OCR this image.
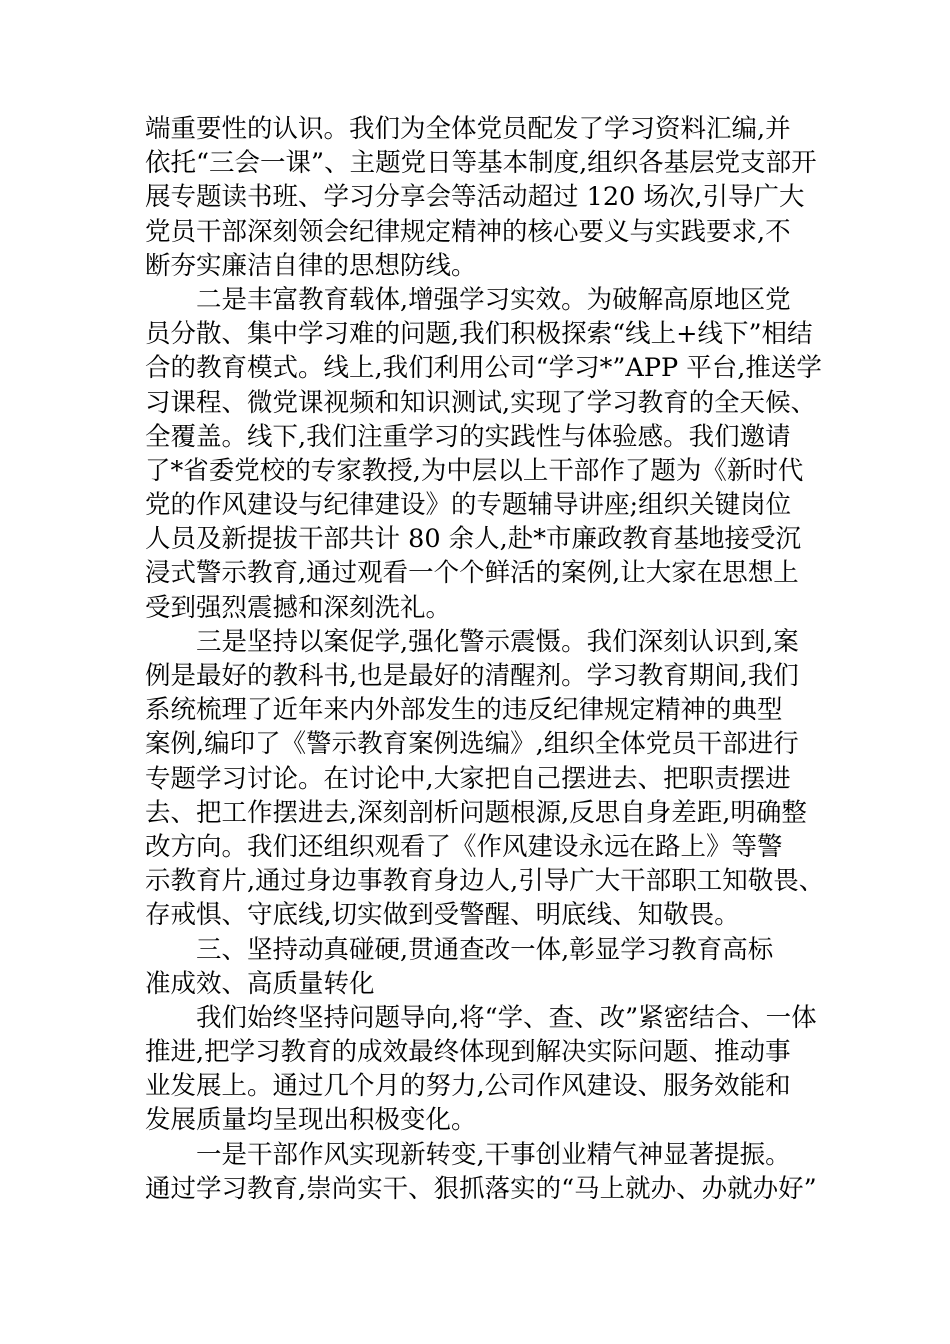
端重要性的认识。我们为全体党员配发了学习资料汇编,并
依托“三会一课”、主题党日等基本制度,组织各基层党支部开
展专题读书班、学习分享会等活动超过 120 场次,引导广大
党员干部深刻领会纪律规定精神的核心要义与实践要求,不
断夯实廉洁自律的思想防线。
二是丰富教育载体,增强学习实效。为破解高原地区党
员分散、集中学习难的问题,我们积极探索“线上+线下”相结
合的教育模式。线上,我们利用公司“学习*”APP 平台,推送学
习课程、微党课视频和知识测试,实现了学习教育的全天候、
全覆盖。线下,我们注重学习的实践性与体验感。我们邀请
了*省委党校的专家教授,为中层以上干部作了题为《新时代
党的作风建设与纪律建设》的专题辅导讲座;组织关键岗位
人员及新提拔干部共计 80 余人,赴*市廉政教育基地接受沉
浸式警示教育,通过观看一个个鲜活的案例,让大家在思想上
受到强烈震撼和深刻洗礼。
三是坚持以案促学,强化警示震慑。我们深刻认识到,案
例是最好的教科书,也是最好的清醒剂。学习教育期间,我们
系统梳理了近年来内外部发生的违反纪律规定精神的典型
案例,编印了《警示教育案例选编》,组织全体党员干部进行
专题学习讨论。在讨论中,大家把自己摆进去、把职责摆进
去、把工作摆进去,深刻剖析问题根源,反思自身差距,明确整
改方向。我们还组织观看了《作风建设永远在路上》等警
示教育片,通过身边事教育身边人,引导广大干部职工知敬畏、
存戒惧、守底线,切实做到受警醒、明底线、知敬畏。
三、坚持动真碰硬,贯通查改一体,彰显学习教育高标
准成效、高质量转化
我们始终坚持问题导向,将“学、查、改”紧密结合、一体
推进,把学习教育的成效最终体现到解决实际问题、推动事
业发展上。通过几个月的努力,公司作风建设、服务效能和
发展质量均呈现出积极变化。
一是干部作风实现新转变,干事创业精气神显著提振。
通过学习教育,崇尚实干、狠抓落实的“马上就办、办就办好”
